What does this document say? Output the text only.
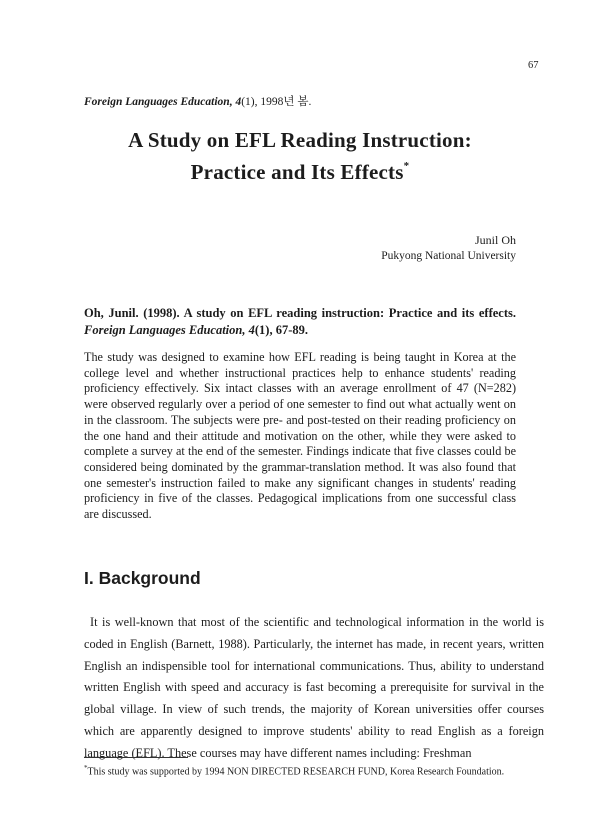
67
Foreign Languages Education, 4(1), 1998년 봄.
A Study on EFL Reading Instruction:
Practice and Its Effects*
Junil Oh
Pukyong National University
Oh, Junil. (1998). A study on EFL reading instruction: Practice and its effects. Foreign Languages Education, 4(1), 67-89.
The study was designed to examine how EFL reading is being taught in Korea at the college level and whether instructional practices help to enhance students' reading proficiency effectively. Six intact classes with an average enrollment of 47 (N=282) were observed regularly over a period of one semester to find out what actually went on in the classroom. The subjects were pre- and post-tested on their reading proficiency on the one hand and their attitude and motivation on the other, while they were asked to complete a survey at the end of the semester. Findings indicate that five classes could be considered being dominated by the grammar-translation method. It was also found that one semester's instruction failed to make any significant changes in students' reading proficiency in five of the classes. Pedagogical implications from one successful class are discussed.
I. Background
It is well-known that most of the scientific and technological information in the world is coded in English (Barnett, 1988). Particularly, the internet has made, in recent years, written English an indispensible tool for international communications. Thus, ability to understand written English with speed and accuracy is fast becoming a prerequisite for survival in the global village. In view of such trends, the majority of Korean universities offer courses which are apparently designed to improve students' ability to read English as a foreign language (EFL). These courses may have different names including: Freshman
*This study was supported by 1994 NON DIRECTED RESEARCH FUND, Korea Research Foundation.
